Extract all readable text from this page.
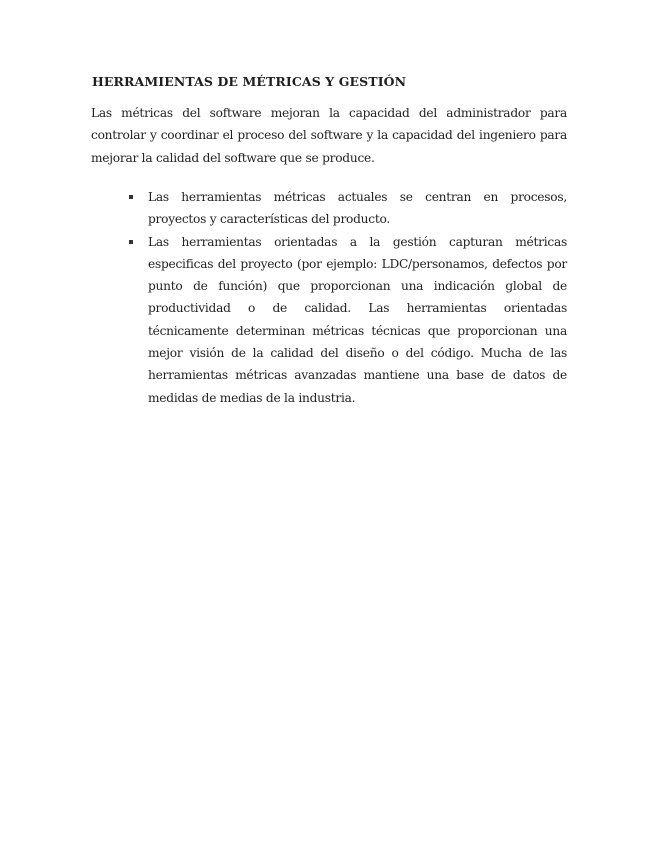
HERRAMIENTAS DE MÉTRICAS Y GESTIÓN

Las métricas del software mejoran la capacidad del administrador para controlar y coordinar el proceso del software y la capacidad del ingeniero para mejorar la calidad del software que se produce.

Las herramientas métricas actuales se centran en procesos, proyectos y características del producto.
Las herramientas orientadas a la gestión capturan métricas especificas del proyecto (por ejemplo: LDC/personamos, defectos por punto de función) que proporcionan una indicación global de productividad o de calidad. Las herramientas orientadas técnicamente determinan métricas técnicas que proporcionan una mejor visión de la calidad del diseño o del código. Mucha de las herramientas métricas avanzadas mantiene una base de datos de medidas de medias de la industria.
